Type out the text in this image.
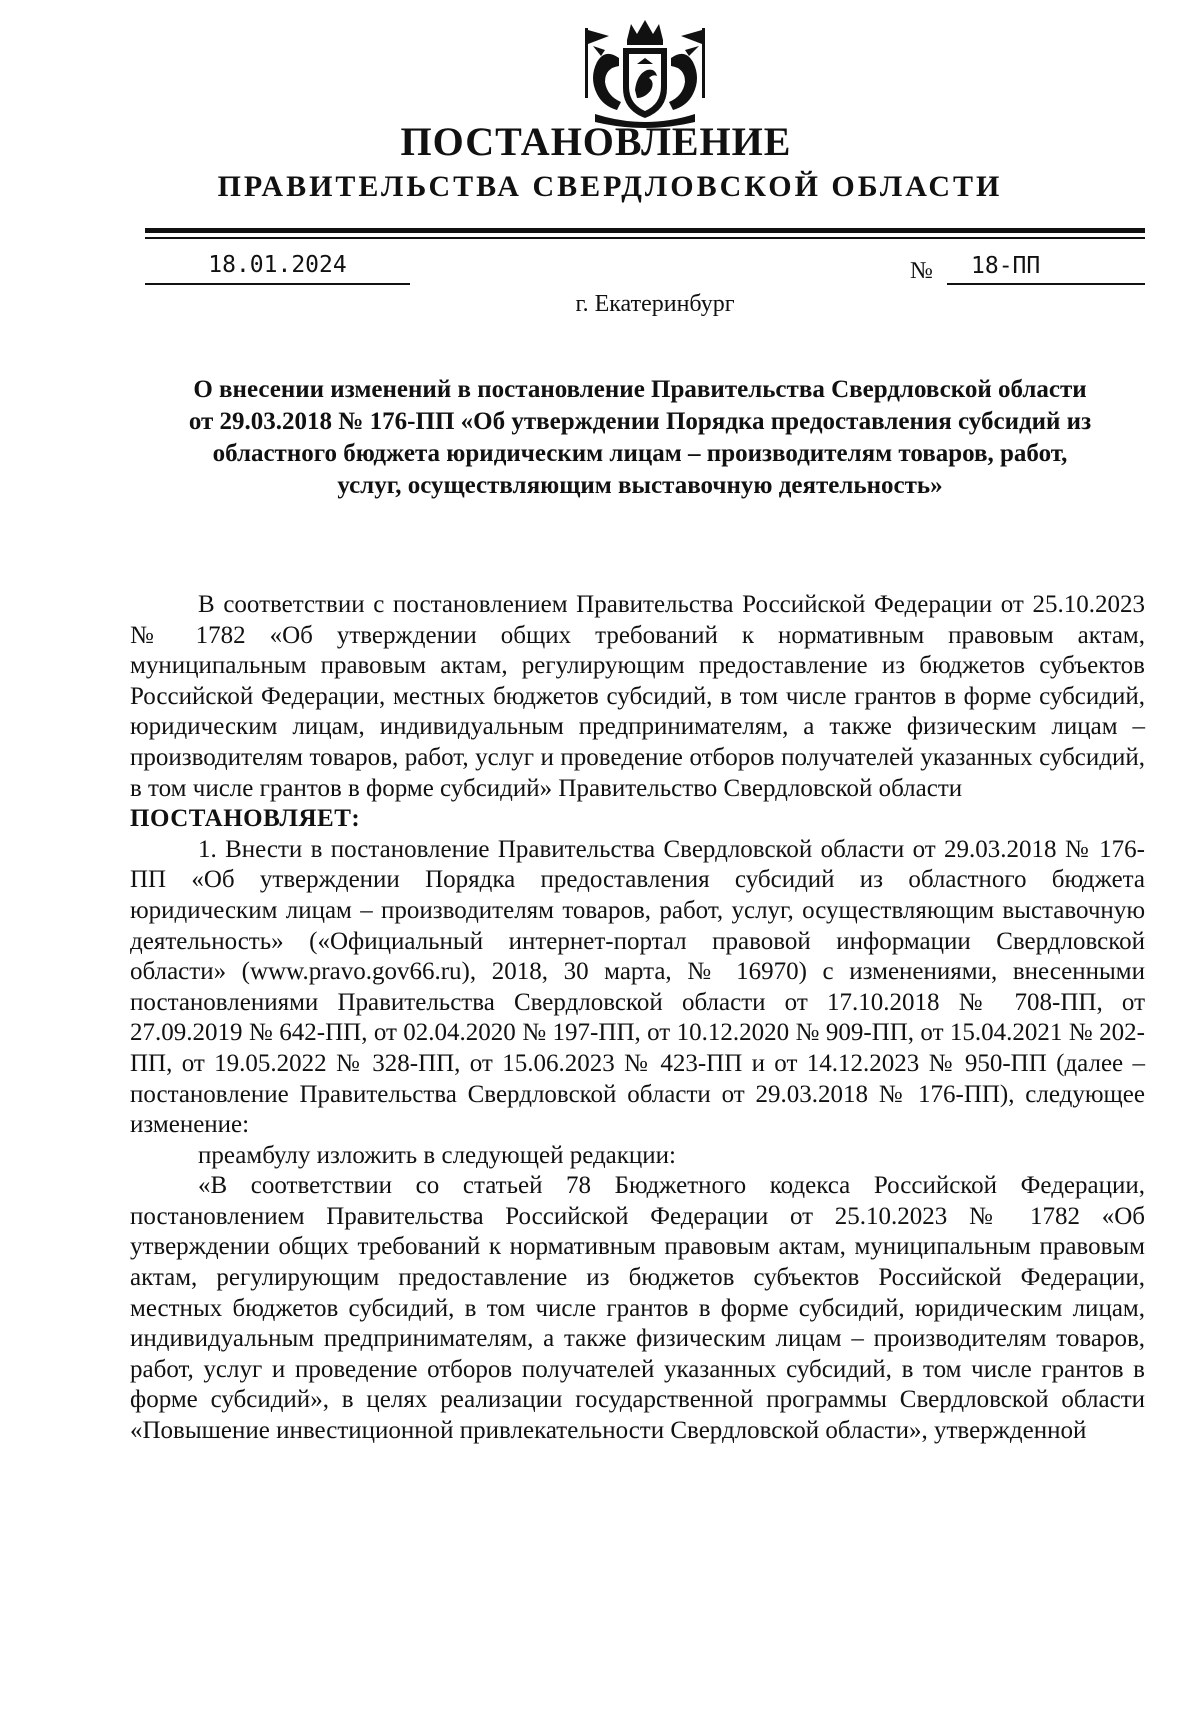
ПОСТАНОВЛЕНИЕ
ПРАВИТЕЛЬСТВА СВЕРДЛОВСКОЙ ОБЛАСТИ
18.01.2024	№	18-ПП
г. Екатеринбург
О внесении изменений в постановление Правительства Свердловской области от 29.03.2018 № 176-ПП «Об утверждении Порядка предоставления субсидий из областного бюджета юридическим лицам – производителям товаров, работ, услуг, осуществляющим выставочную деятельность»

В соответствии с постановлением Правительства Российской Федерации от 25.10.2023 № 1782 «Об утверждении общих требований к нормативным правовым актам, муниципальным правовым актам, регулирующим предоставление из бюджетов субъектов Российской Федерации, местных бюджетов субсидий, в том числе грантов в форме субсидий, юридическим лицам, индивидуальным предпринимателям, а также физическим лицам – производителям товаров, работ, услуг и проведение отборов получателей указанных субсидий, в том числе грантов в форме субсидий» Правительство Свердловской области

ПОСТАНОВЛЯЕТ:

1. Внести в постановление Правительства Свердловской области от 29.03.2018 № 176-ПП «Об утверждении Порядка предоставления субсидий из областного бюджета юридическим лицам – производителям товаров, работ, услуг, осуществляющим выставочную деятельность» («Официальный интернет-портал правовой информации Свердловской области» (www.pravo.gov66.ru), 2018, 30 марта, № 16970) с изменениями, внесенными постановлениями Правительства Свердловской области от 17.10.2018 № 708-ПП, от 27.09.2019 № 642-ПП, от 02.04.2020 № 197-ПП, от 10.12.2020 № 909-ПП, от 15.04.2021 № 202-ПП, от 19.05.2022 № 328-ПП, от 15.06.2023 № 423-ПП и от 14.12.2023 № 950-ПП (далее – постановление Правительства Свердловской области от 29.03.2018 № 176-ПП), следующее изменение:

преамбулу изложить в следующей редакции:

«В соответствии со статьей 78 Бюджетного кодекса Российской Федерации, постановлением Правительства Российской Федерации от 25.10.2023 № 1782 «Об утверждении общих требований к нормативным правовым актам, муниципальным правовым актам, регулирующим предоставление из бюджетов субъектов Российской Федерации, местных бюджетов субсидий, в том числе грантов в форме субсидий, юридическим лицам, индивидуальным предпринимателям, а также физическим лицам – производителям товаров, работ, услуг и проведение отборов получателей указанных субсидий, в том числе грантов в форме субсидий», в целях реализации государственной программы Свердловской области «Повышение инвестиционной привлекательности Свердловской области», утвержденной
